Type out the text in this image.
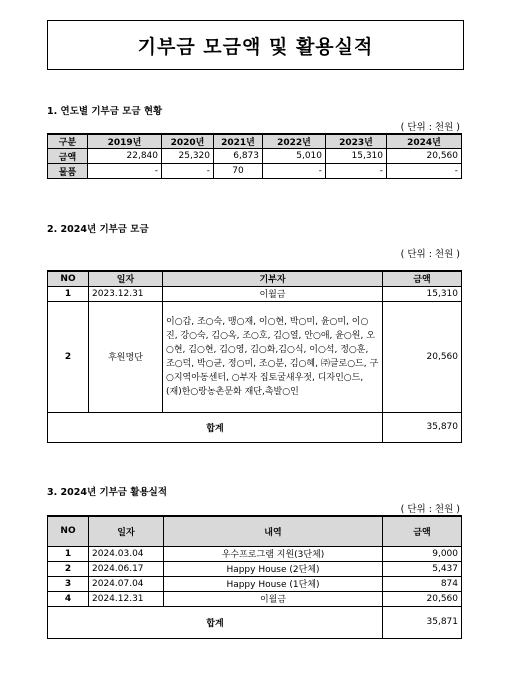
기부금 모금액 및 활용실적
1. 연도별 기부금 모금 현황
( 단위 : 천원 )
구분	2019년	2020년	2021년	2022년	2023년	2024년
금액	22,840	25,320	6,873	5,010	15,310	20,560
물품	-	-	70	-	-	-
2. 2024년 기부금 모금
( 단위 : 천원 )
NO	일자	기부자	금액
1	2023.12.31	이월금	15,310
2	후원명단	이○갑, 조○숙, 맹○재, 이○현, 박○미, 윤○미, 이○진, 강○숙, 김○옥, 조○호, 김○열, 안○애, 윤○원, 오○현, 김○현, 김○영, 김○화,김○식, 이○석, 정○훈, 조○덕, 박○균, 정○미, 조○분, 김○혜, ㈜글로○드, 구○지역아동센터, ○부자 집토굴새우젓, 디자인○드, (재)한○랑농촌문화 재단,촉발○인	20,560
합계			35,870
3. 2024년 기부금 활용실적
( 단위 : 천원 )
NO	일자	내역	금액
1	2024.03.04	우수프로그램 지원(3단체)	9,000
2	2024.06.17	Happy House (2단체)	5,437
3	2024.07.04	Happy House (1단체)	874
4	2024.12.31	이월금	20,560
합계			35,871
